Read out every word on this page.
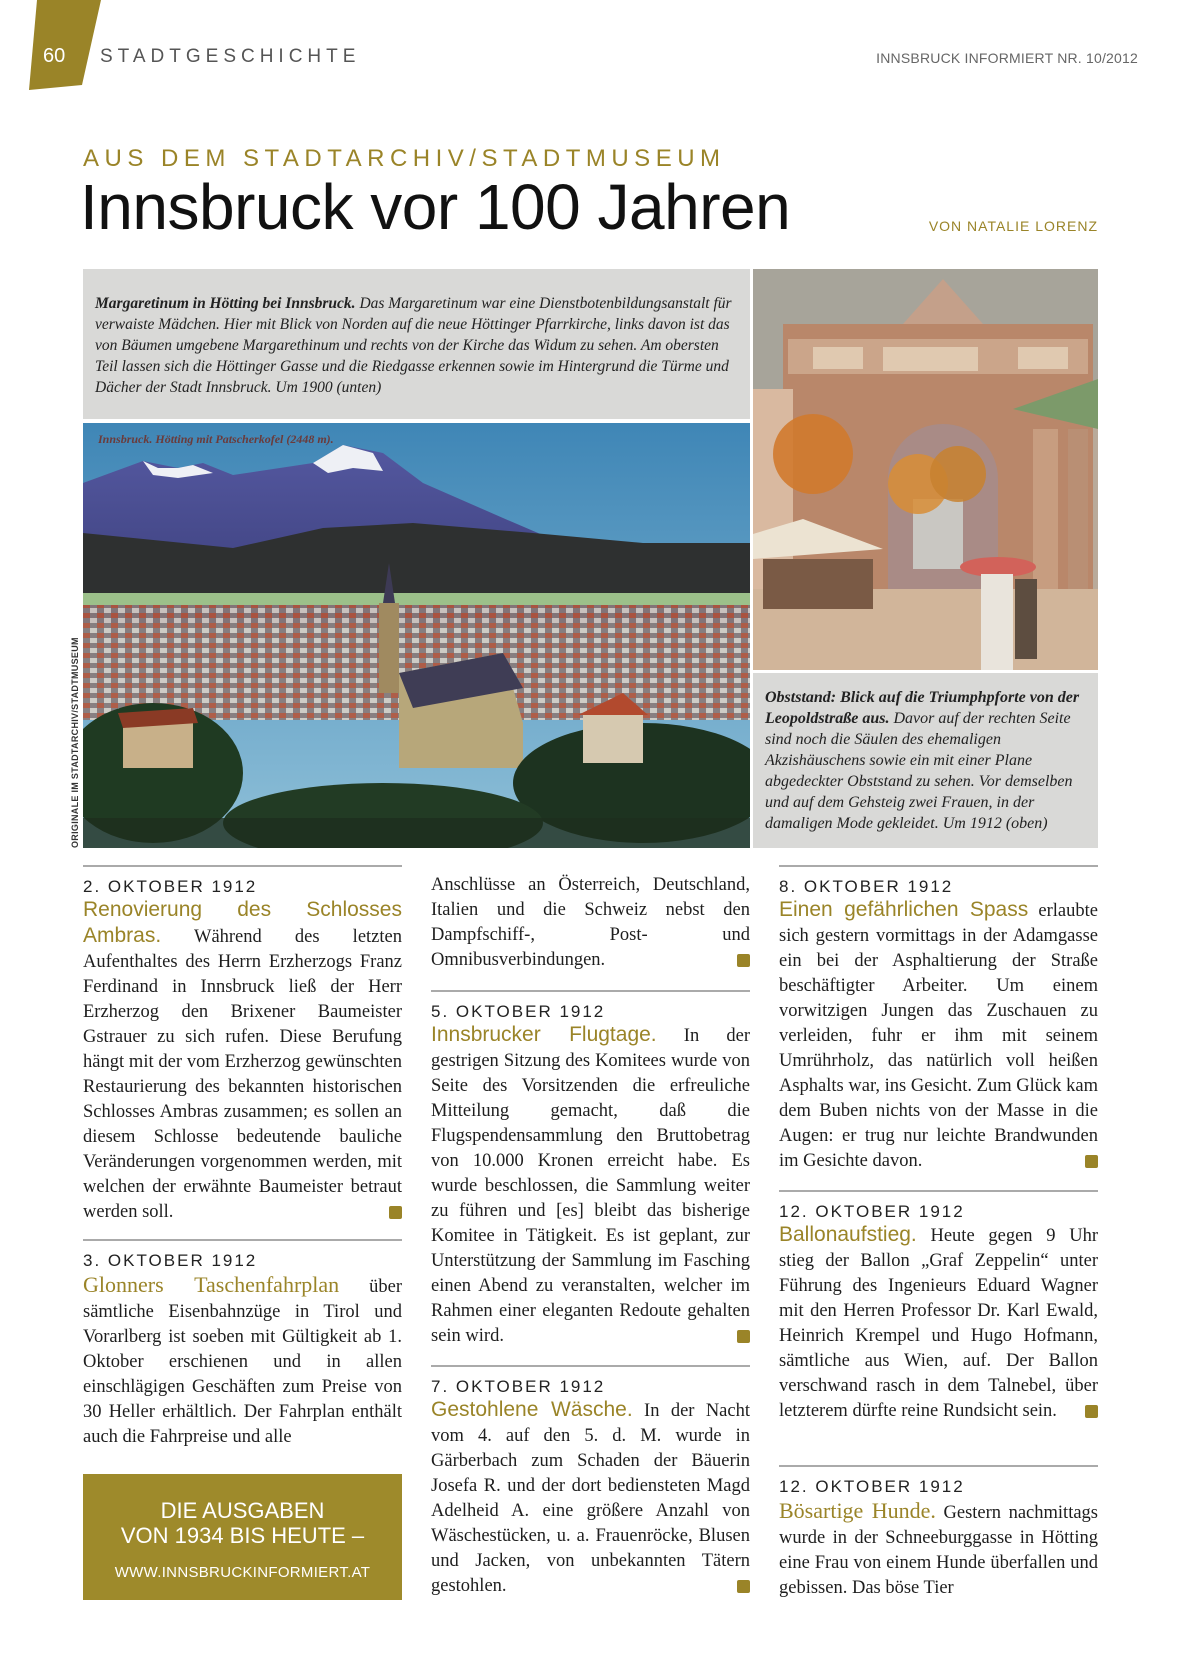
60 STADTGESCHICHTE	INNSBRUCK INFORMIERT NR. 10/2012
AUS DEM STADTARCHIV/STADTMUSEUM
Innsbruck vor 100 Jahren	VON NATALIE LORENZ
Margaretinum in Hötting bei Innsbruck. Das Margaretinum war eine Dienstbotenbildungsanstalt für verwaiste Mädchen. Hier mit Blick von Norden auf die neue Höttinger Pfarrkirche, links davon ist das von Bäumen umgebene Margarethinum und rechts von der Kirche das Widum zu sehen. Am obersten Teil lassen sich die Höttinger Gasse und die Riedgasse erkennen sowie im Hintergrund die Türme und Dächer der Stadt Innsbruck. Um 1900 (unten)
Innsbruck. Hötting mit Patscherkofel (2448 m).
ORIGINALE IM STADTARCHIV/STADTMUSEUM	Obststand: Blick auf die Triumphpforte von der Leopoldstraße aus. Davor auf der rechten Seite sind noch die Säulen des ehemaligen Akzishäuschens sowie ein mit einer Plane abgedeckter Obststand zu sehen. Vor demselben und auf dem Gehsteig zwei Frauen, in der damaligen Mode gekleidet. Um 1912 (oben)
2. OKTOBER 1912

Renovierung des Schlosses Ambras. Während des letzten Aufenthaltes des Herrn Erzherzogs Franz Ferdinand in Innsbruck ließ der Herr Erzherzog den Brixener Baumeister Gstrauer zu sich rufen. Diese Berufung hängt mit der vom Erzherzog gewünschten Restaurierung des bekannten historischen Schlosses Ambras zusammen; es sollen an diesem Schlosse bedeutende bauliche Veränderungen vorgenommen werden, mit welchen der erwähnte Baumeister betraut werden soll.

3. OKTOBER 1912

Glonners Taschenfahrplan über sämtliche Eisenbahnzüge in Tirol und Vorarlberg ist soeben mit Gültigkeit ab 1. Oktober erschienen und in allen einschlägigen Geschäften zum Preise von 30 Heller erhältlich. Der Fahrplan enthält auch die Fahrpreise und alle

DIE AUSGABEN
VON 1934 BIS HEUTE –
WWW.INNSBRUCKINFORMIERT.AT

Anschlüsse an Österreich, Deutschland, Italien und die Schweiz nebst den Dampfschiff-, Post- und Omnibusverbindungen.

5. OKTOBER 1912

Innsbrucker Flugtage. In der gestrigen Sitzung des Komitees wurde von Seite des Vorsitzenden die erfreuliche Mitteilung gemacht, daß die Flugspendensammlung den Bruttobetrag von 10.000 Kronen erreicht habe. Es wurde beschlossen, die Sammlung weiter zu führen und [es] bleibt das bisherige Komitee in Tätigkeit. Es ist geplant, zur Unterstützung der Sammlung im Fasching einen Abend zu veranstalten, welcher im Rahmen einer eleganten Redoute gehalten sein wird.

7. OKTOBER 1912

Gestohlene Wäsche. In der Nacht vom 4. auf den 5. d. M. wurde in Gärberbach zum Schaden der Bäuerin Josefa R. und der dort bediensteten Magd Adelheid A. eine größere Anzahl von Wäschestücken, u. a. Frauenröcke, Blusen und Jacken, von unbekannten Tätern gestohlen.

8. OKTOBER 1912

Einen gefährlichen Spass erlaubte sich gestern vormittags in der Adamgasse ein bei der Asphaltierung der Straße beschäftigter Arbeiter. Um einem vorwitzigen Jungen das Zuschauen zu verleiden, fuhr er ihm mit seinem Umrührholz, das natürlich voll heißen Asphalts war, ins Gesicht. Zum Glück kam dem Buben nichts von der Masse in die Augen: er trug nur leichte Brandwunden im Gesichte davon.

12. OKTOBER 1912

Ballonaufstieg. Heute gegen 9 Uhr stieg der Ballon „Graf Zeppelin“ unter Führung des Ingenieurs Eduard Wagner mit den Herren Professor Dr. Karl Ewald, Heinrich Krempel und Hugo Hofmann, sämtliche aus Wien, auf. Der Ballon verschwand rasch in dem Talnebel, über letzterem dürfte reine Rundsicht sein.

12. OKTOBER 1912

Bösartige Hunde. Gestern nachmittags wurde in der Schneeburggasse in Hötting eine Frau von einem Hunde überfallen und gebissen. Das böse Tier
